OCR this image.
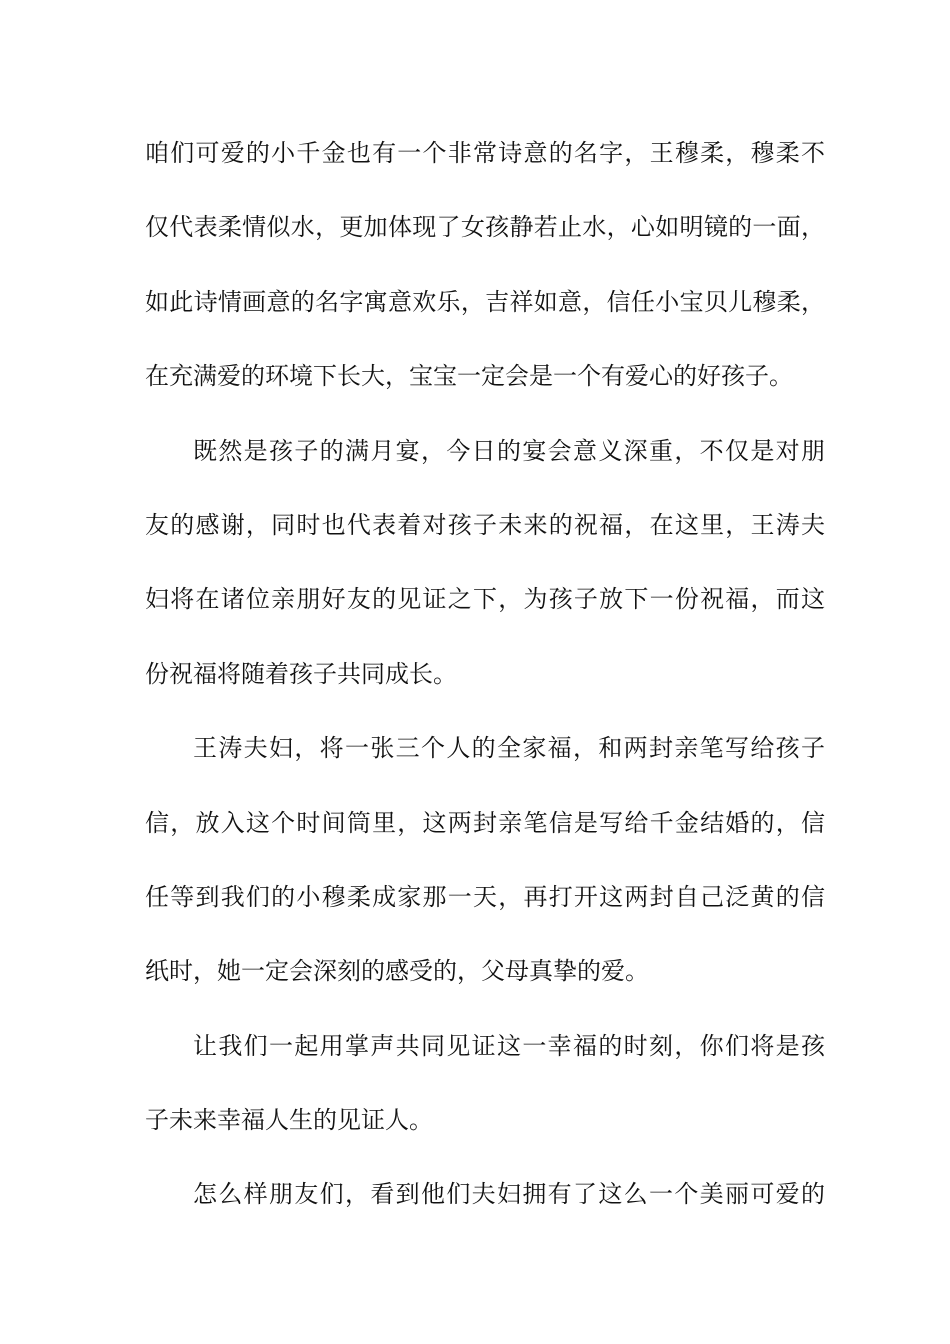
咱们可爱的小千金也有一个非常诗意的名字，王穆柔，穆柔不
仅代表柔情似水，更加体现了女孩静若止水，心如明镜的一面，
如此诗情画意的名字寓意欢乐，吉祥如意，信任小宝贝儿穆柔，
在充满爱的环境下长大，宝宝一定会是一个有爱心的好孩子。
既然是孩子的满月宴，今日的宴会意义深重，不仅是对朋
友的感谢，同时也代表着对孩子未来的祝福，在这里，王涛夫
妇将在诸位亲朋好友的见证之下，为孩子放下一份祝福，而这
份祝福将随着孩子共同成长。
王涛夫妇，将一张三个人的全家福，和两封亲笔写给孩子
信，放入这个时间筒里，这两封亲笔信是写给千金结婚的，信
任等到我们的小穆柔成家那一天，再打开这两封自己泛黄的信
纸时，她一定会深刻的感受的，父母真挚的爱。
让我们一起用掌声共同见证这一幸福的时刻，你们将是孩
子未来幸福人生的见证人。
怎么样朋友们，看到他们夫妇拥有了这么一个美丽可爱的
